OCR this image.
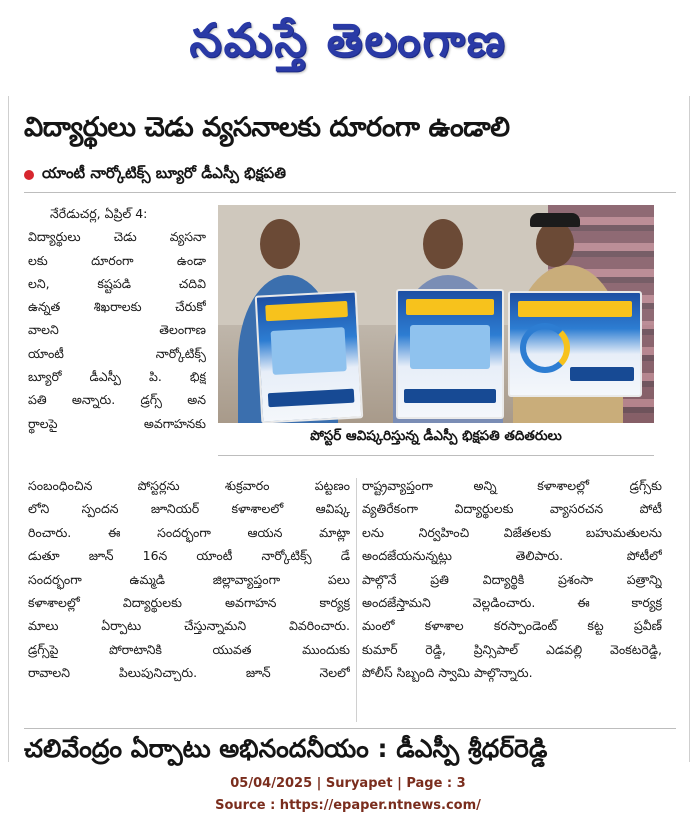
నమస్తే తెలంగాణ
విద్యార్థులు చెడు వ్యసనాలకు దూరంగా ఉండాలి
యాంటీ నార్కోటిక్స్ బ్యూరో డీఎస్పీ భిక్షపతి
నేరేడుచర్ల, ఏప్రిల్ 4:
విద్యార్థులు చెడు వ్యసనా
లకు దూరంగా ఉండా
లని, కష్టపడి చదివి
ఉన్నత శిఖరాలకు చేరుకో
వాలని తెలంగాణ
యాంటీ నార్కోటిక్స్
బ్యూరో డీఎస్పీ పి. భిక్ష
పతి అన్నారు. డ్రగ్స్ అన
ర్థాలపై అవగాహనకు
పోస్టర్ ఆవిష్కరిస్తున్న డీఎస్పీ భిక్షపతి తదితరులు
సంబంధించిన పోస్టర్లను శుక్రవారం పట్టణం
లోని స్పందన జూనియర్ కళాశాలలో ఆవిష్క
రించారు. ఈ సందర్భంగా ఆయన మాట్లా
డుతూ జూన్ 16న యాంటీ నార్కోటిక్స్ డే
సందర్భంగా ఉమ్మడి జిల్లావ్యాప్తంగా పలు
కళాశాలల్లో విద్యార్థులకు అవగాహన కార్యక్ర
మాలు ఏర్పాటు చేస్తున్నామని వివరించారు.
డ్రగ్స్‌పై పోరాటానికి యువత ముందుకు
రావాలని పిలుపునిచ్చారు. జూన్ నెలలో
రాష్ట్రవ్యాప్తంగా అన్ని కళాశాలల్లో డ్రగ్స్‌కు
వ్యతిరేకంగా విద్యార్థులకు వ్యాసరచన పోటీ
లను నిర్వహించి విజేతలకు బహుమతులను
అందజేయనున్నట్లు తెలిపారు. పోటీలో
పాల్గొనే ప్రతి విద్యార్థికి ప్రశంసా పత్రాన్ని
అందజేస్తామని వెల్లడించారు. ఈ కార్యక్ర
మంలో కళాశాల కరస్పాండెంట్ కట్ట ప్రవీణ్
కుమార్ రెడ్డి, ప్రిన్సిపాల్ ఎడవల్లి వెంకటరెడ్డి,
పోలీస్ సిబ్బంది స్వామి పాల్గొన్నారు.
చలివేంద్రం ఏర్పాటు అభినందనీయం : డీఎస్పీ శ్రీధర్‌రెడ్డి
05/04/2025 | Suryapet | Page : 3
Source : https://epaper.ntnews.com/
